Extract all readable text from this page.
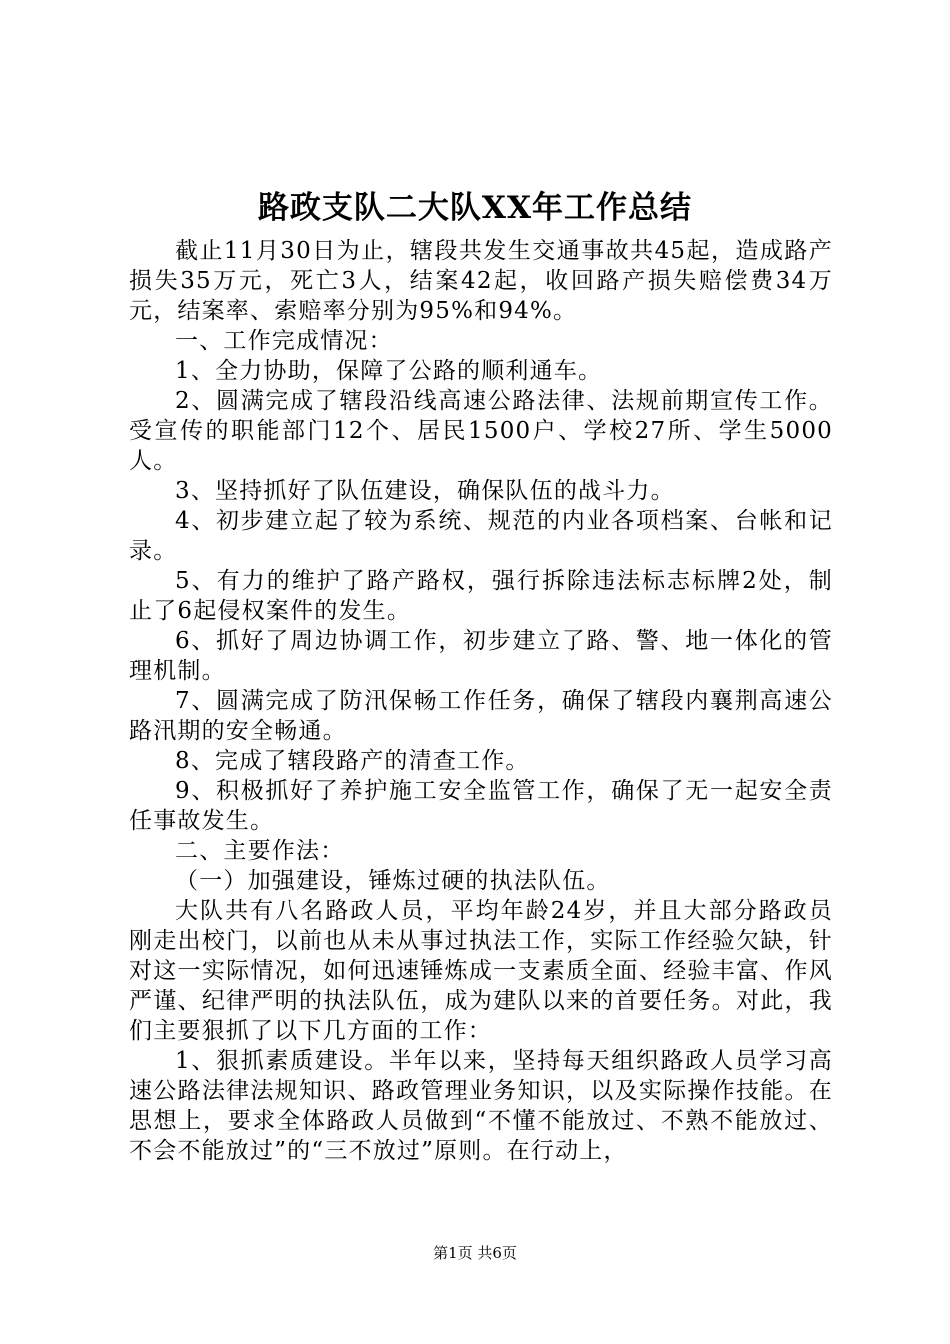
路政支队二大队XX年工作总结

截止11月30日为止，辖段共发生交通事故共45起，造成路产损失35万元，死亡3人，结案42起，收回路产损失赔偿费34万元，结案率、索赔率分别为95%和94%。

一、工作完成情况：

1、全力协助，保障了公路的顺利通车。

2、圆满完成了辖段沿线高速公路法律、法规前期宣传工作。受宣传的职能部门12个、居民1500户、学校27所、学生5000人。

3、坚持抓好了队伍建设，确保队伍的战斗力。

4、初步建立起了较为系统、规范的内业各项档案、台帐和记录。

5、有力的维护了路产路权，强行拆除违法标志标牌2处，制止了6起侵权案件的发生。

6、抓好了周边协调工作，初步建立了路、警、地一体化的管理机制。

7、圆满完成了防汛保畅工作任务，确保了辖段内襄荆高速公路汛期的安全畅通。

8、完成了辖段路产的清查工作。

9、积极抓好了养护施工安全监管工作，确保了无一起安全责任事故发生。

二、主要作法：

（一）加强建设，锤炼过硬的执法队伍。

大队共有八名路政人员，平均年龄24岁，并且大部分路政员刚走出校门，以前也从未从事过执法工作，实际工作经验欠缺，针对这一实际情况，如何迅速锤炼成一支素质全面、经验丰富、作风严谨、纪律严明的执法队伍，成为建队以来的首要任务。对此，我们主要狠抓了以下几方面的工作：

1、狠抓素质建设。半年以来，坚持每天组织路政人员学习高速公路法律法规知识、路政管理业务知识，以及实际操作技能。在思想上，要求全体路政人员做到“不懂不能放过、不熟不能放过、不会不能放过”的“三不放过”原则。在行动上，

第1页 共6页
